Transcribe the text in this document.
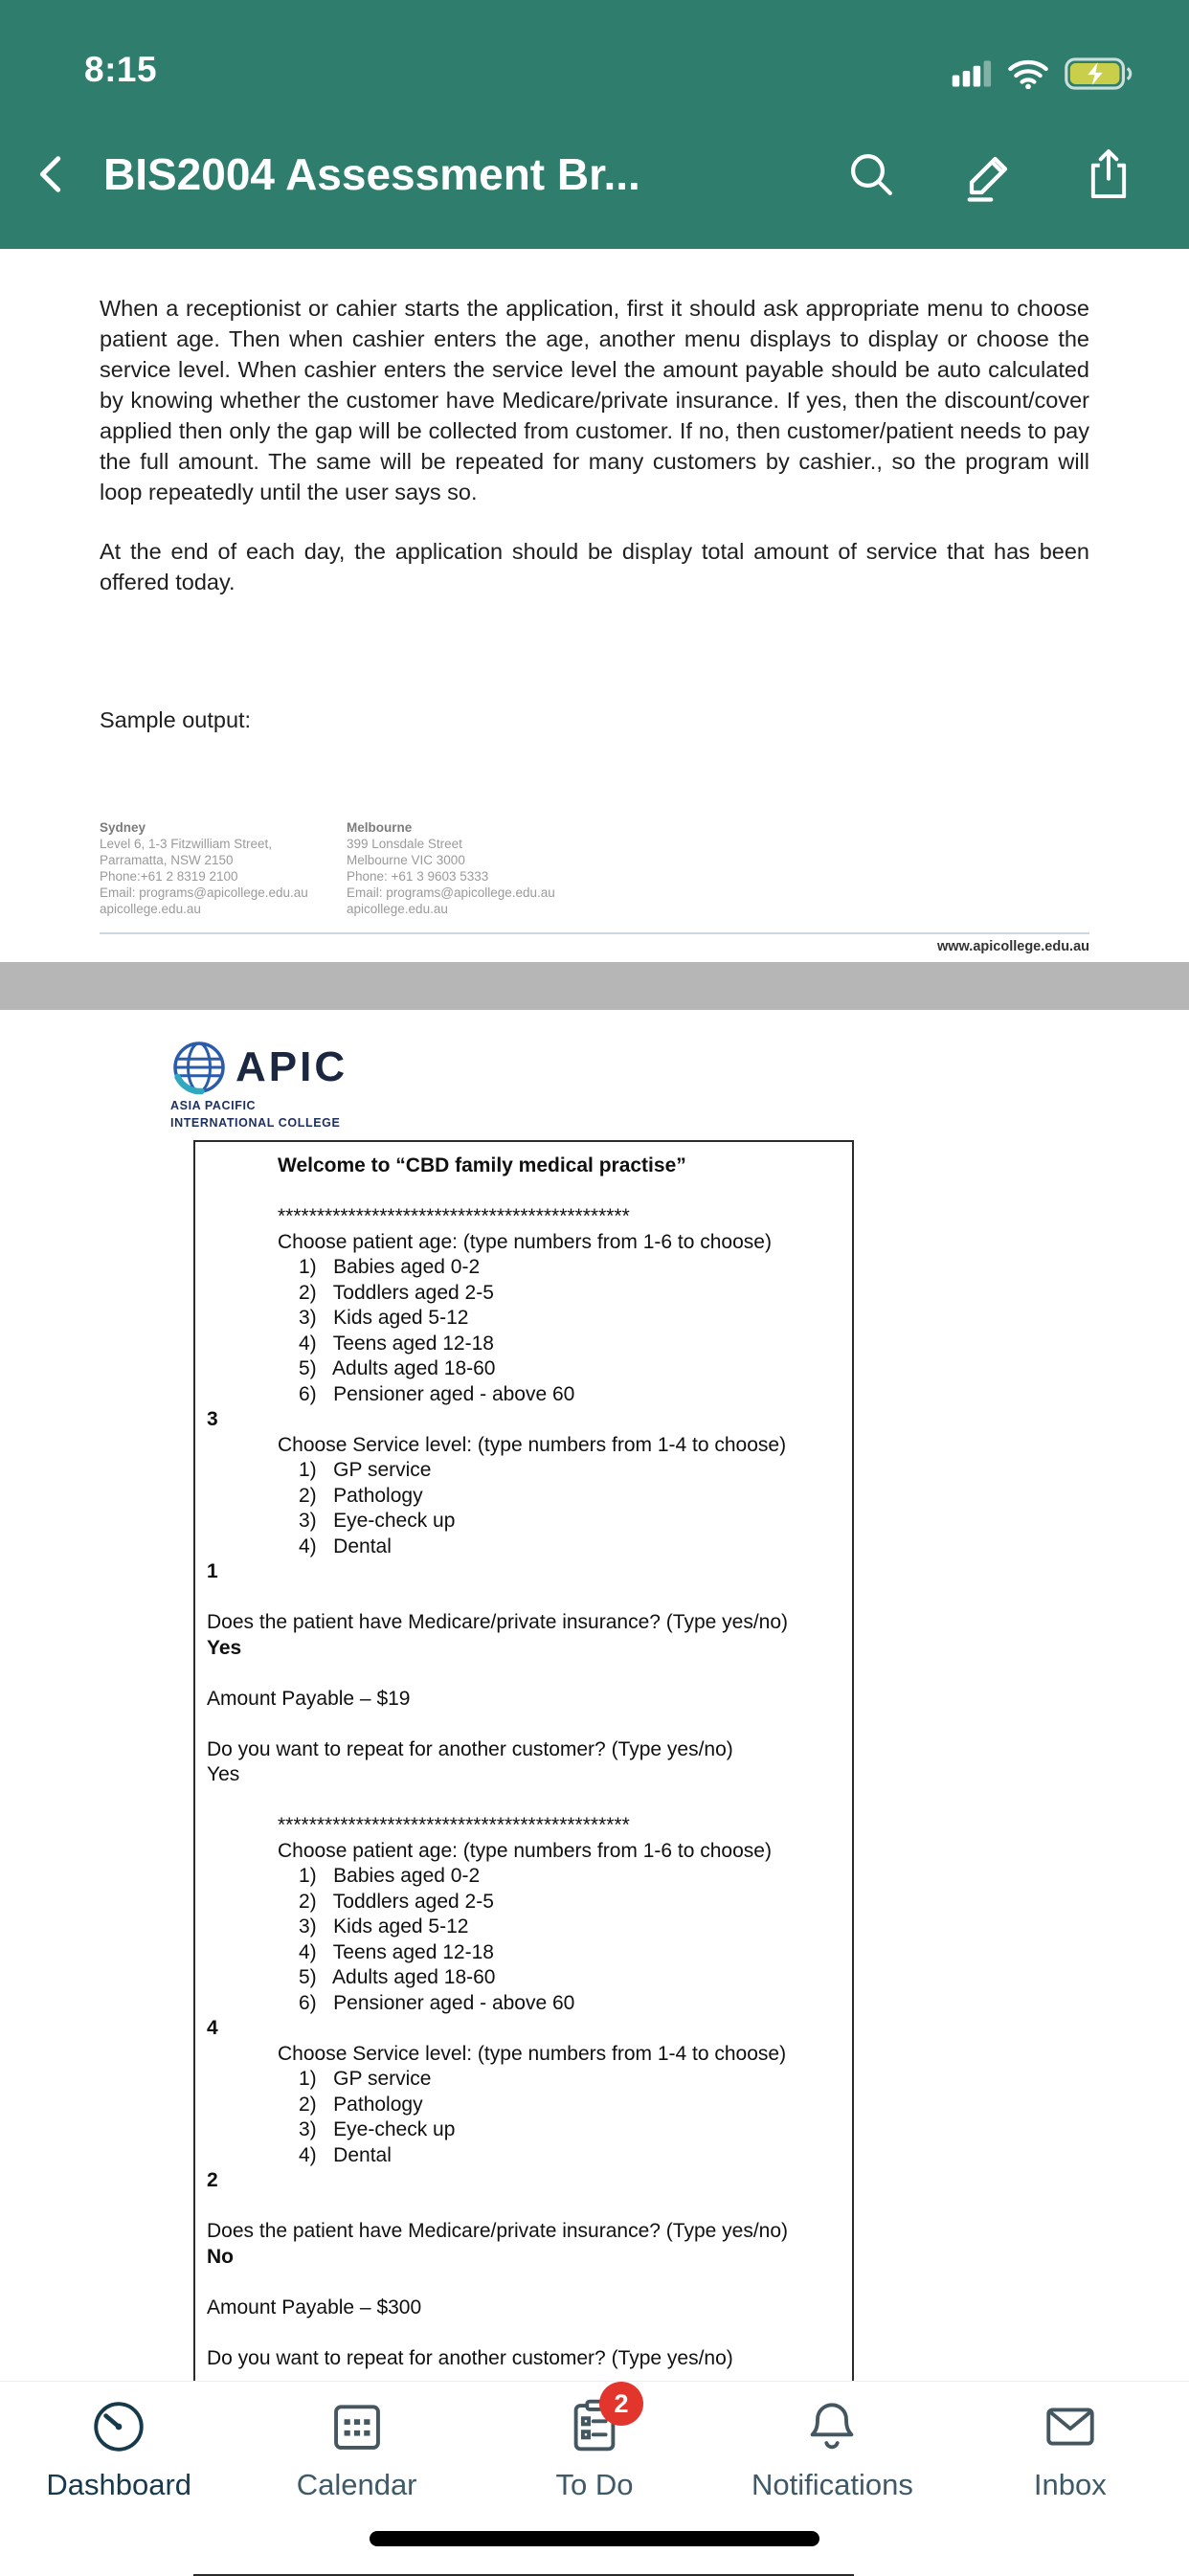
8:15
BIS2004 Assessment Br...

When a receptionist or cahier starts the application, first it should ask appropriate menu to choose patient age. Then when cashier enters the age, another menu displays to display or choose the service level. When cashier enters the service level the amount payable should be auto calculated by knowing whether the customer have Medicare/private insurance. If yes, then the discount/cover applied then only the gap will be collected from customer. If no, then customer/patient needs to pay the full amount. The same will be repeated for many customers by cashier., so the program will loop repeatedly until the user says so.

At the end of each day, the application should be display total amount of service that has been offered today.

Sample output:

Sydney
Level 6, 1-3 Fitzwilliam Street,
Parramatta, NSW 2150
Phone:+61 2 8319 2100
Email: programs@apicollege.edu.au
apicollege.edu.au
Melbourne
399 Lonsdale Street
Melbourne VIC 3000
Phone: +61 3 9603 5333
Email: programs@apicollege.edu.au
apicollege.edu.au
www.apicollege.edu.au
APIC
ASIA PACIFIC
INTERNATIONAL COLLEGE
Welcome to “CBD family medical practise”

*********************************************
Choose patient age: (type numbers from 1-6 to choose)
1)   Babies aged 0-2
2)   Toddlers aged 2-5
3)   Kids aged 5-12
4)   Teens aged 12-18
5)   Adults aged 18-60
6)   Pensioner aged - above 60
3
Choose Service level: (type numbers from 1-4 to choose)
1)   GP service
2)   Pathology
3)   Eye-check up
4)   Dental
1

Does the patient have Medicare/private insurance? (Type yes/no)
Yes

Amount Payable – $19

Do you want to repeat for another customer? (Type yes/no)
Yes

*********************************************
Choose patient age: (type numbers from 1-6 to choose)
1)   Babies aged 0-2
2)   Toddlers aged 2-5
3)   Kids aged 5-12
4)   Teens aged 12-18
5)   Adults aged 18-60
6)   Pensioner aged - above 60
4
Choose Service level: (type numbers from 1-4 to choose)
1)   GP service
2)   Pathology
3)   Eye-check up
4)   Dental
2

Does the patient have Medicare/private insurance? (Type yes/no)
No

Amount Payable – $300

Do you want to repeat for another customer? (Type yes/no)
Dashboard	Calendar
2
To Do	Notifications	Inbox
